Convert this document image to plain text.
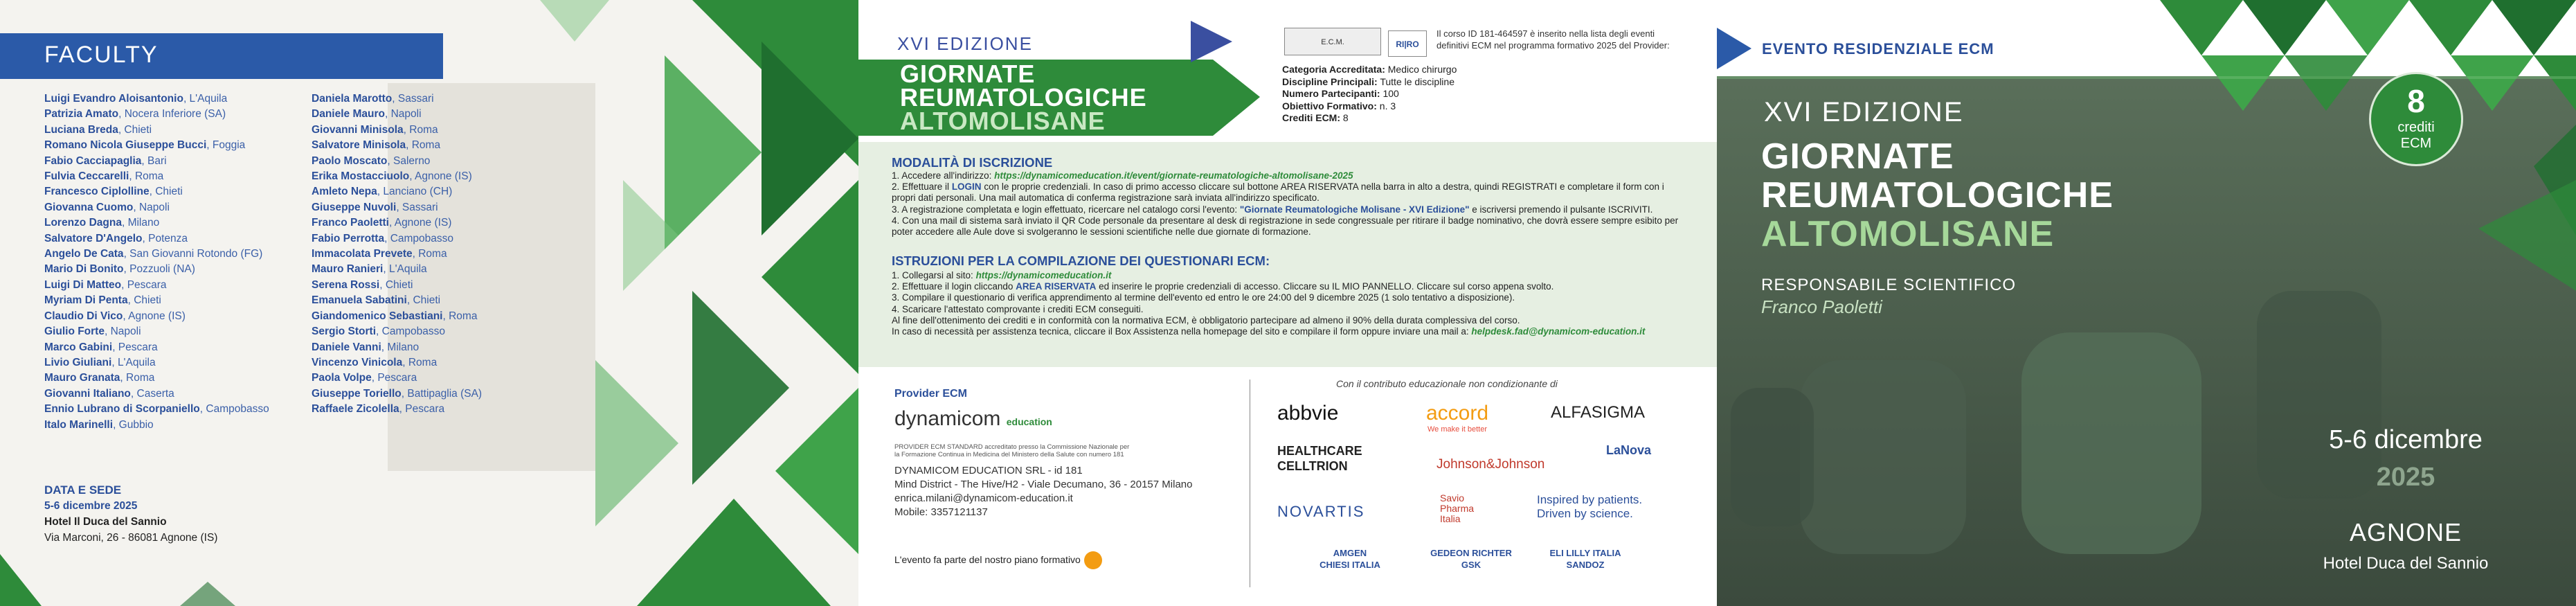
FACULTY
Luigi Evandro Aloisantonio, L'Aquila
Patrizia Amato, Nocera Inferiore (SA)
Luciana Breda, Chieti
Romano Nicola Giuseppe Bucci, Foggia
Fabio Cacciapaglia, Bari
Fulvia Ceccarelli, Roma
Francesco Ciplolline, Chieti
Giovanna Cuomo, Napoli
Lorenzo Dagna, Milano
Salvatore D'Angelo, Potenza
Angelo De Cata, San Giovanni Rotondo (FG)
Mario Di Bonito, Pozzuoli (NA)
Luigi Di Matteo, Pescara
Myriam Di Penta, Chieti
Claudio Di Vico, Agnone (IS)
Giulio Forte, Napoli
Marco Gabini, Pescara
Livio Giuliani, L'Aquila
Mauro Granata, Roma
Giovanni Italiano, Caserta
Ennio Lubrano di Scorpaniello, Campobasso
Italo Marinelli, Gubbio
Daniela Marotto, Sassari
Daniele Mauro, Napoli
Giovanni Minisola, Roma
Salvatore Minisola, Roma
Paolo Moscato, Salerno
Erika Mostacciuolo, Agnone (IS)
Amleto Nepa, Lanciano (CH)
Giuseppe Nuvoli, Sassari
Franco Paoletti, Agnone (IS)
Fabio Perrotta, Campobasso
Immacolata Prevete, Roma
Mauro Ranieri, L'Aquila
Serena Rossi, Chieti
Emanuela Sabatini, Chieti
Giandomenico Sebastiani, Roma
Sergio Storti, Campobasso
Daniele Vanni, Milano
Vincenzo Vinicola, Roma
Paola Volpe, Pescara
Giuseppe Toriello, Battipaglia (SA)
Raffaele Zicolella, Pescara
DATA E SEDE
5-6 dicembre 2025
Hotel Il Duca del Sannio
Via Marconi, 26 - 86081 Agnone (IS)
XVI EDIZIONE
GIORNATE
REUMATOLOGICHE
ALTOMOLISANE
E.C.M.	RI|RO
Il corso ID 181-464597 è inserito nella lista degli eventi definitivi ECM nel programma formativo 2025 del Provider:
Categoria Accreditata: Medico chirurgo
Discipline Principali: Tutte le discipline
Numero Partecipanti: 100
Obiettivo Formativo: n. 3
Crediti ECM: 8
MODALITÀ DI ISCRIZIONE
1. Accedere all'indirizzo: https://dynamicomeducation.it/event/giornate-reumatologiche-altomolisane-2025
2. Effettuare il LOGIN con le proprie credenziali. In caso di primo accesso cliccare sul bottone AREA RISERVATA nella barra in alto a destra, quindi REGISTRATI e completare il form con i propri dati personali. Una mail automatica di conferma registrazione sarà inviata all'indirizzo specificato.
3. A registrazione completata e login effettuato, ricercare nel catalogo corsi l'evento: "Giornate Reumatologiche Molisane - XVI Edizione" e iscriversi premendo il pulsante ISCRIVITI.
4. Con una mail di sistema sarà inviato il QR Code personale da presentare al desk di registrazione in sede congressuale per ritirare il badge nominativo, che dovrà essere sempre esibito per poter accedere alle Aule dove si svolgeranno le sessioni scientifiche nelle due giornate di formazione.
ISTRUZIONI PER LA COMPILAZIONE DEI QUESTIONARI ECM:
1. Collegarsi al sito: https://dynamicomeducation.it
2. Effettuare il login cliccando AREA RISERVATA ed inserire le proprie credenziali di accesso. Cliccare su IL MIO PANNELLO. Cliccare sul corso appena svolto.
3. Compilare il questionario di verifica apprendimento al termine dell'evento ed entro le ore 24:00 del 9 dicembre 2025 (1 solo tentativo a disposizione).
4. Scaricare l'attestato comprovante i crediti ECM conseguiti.
Al fine dell'ottenimento dei crediti e in conformità con la normativa ECM, è obbligatorio partecipare ad almeno il 90% della durata complessiva del corso.
In caso di necessità per assistenza tecnica, cliccare il Box Assistenza nella homepage del sito e compilare il form oppure inviare una mail a: helpdesk.fad@dynamicom-education.it
Provider ECM
dynamicom education
PROVIDER ECM STANDARD accreditato presso la Commissione Nazionale per la Formazione Continua in Medicina del Ministero della Salute con numero 181
DYNAMICOM EDUCATION SRL - id 181
Mind District - The Hive/H2 - Viale Decumano, 36 - 20157 Milano
enrica.milani@dynamicom-education.it
Mobile: 3357121137
L'evento fa parte del nostro piano formativo
Con il contributo educazionale non condizionante di
abbvie	accord
We make it better
ALFASIGMA
HEALTHCARE CELLTRION	Johnson&Johnson
LaNova
NOVARTIS
Savio Pharma Italia
Inspired by patients. Driven by science.
AMGEN
CHIESI ITALIA
GEDEON RICHTER
GSK
ELI LILLY ITALIA
SANDOZ
EVENTO RESIDENZIALE ECM
XVI EDIZIONE
GIORNATE
REUMATOLOGICHE
ALTOMOLISANE
RESPONSABILE SCIENTIFICO
Franco Paoletti
8
crediti
ECM
5-6 dicembre
2025
AGNONE
Hotel Duca del Sannio
